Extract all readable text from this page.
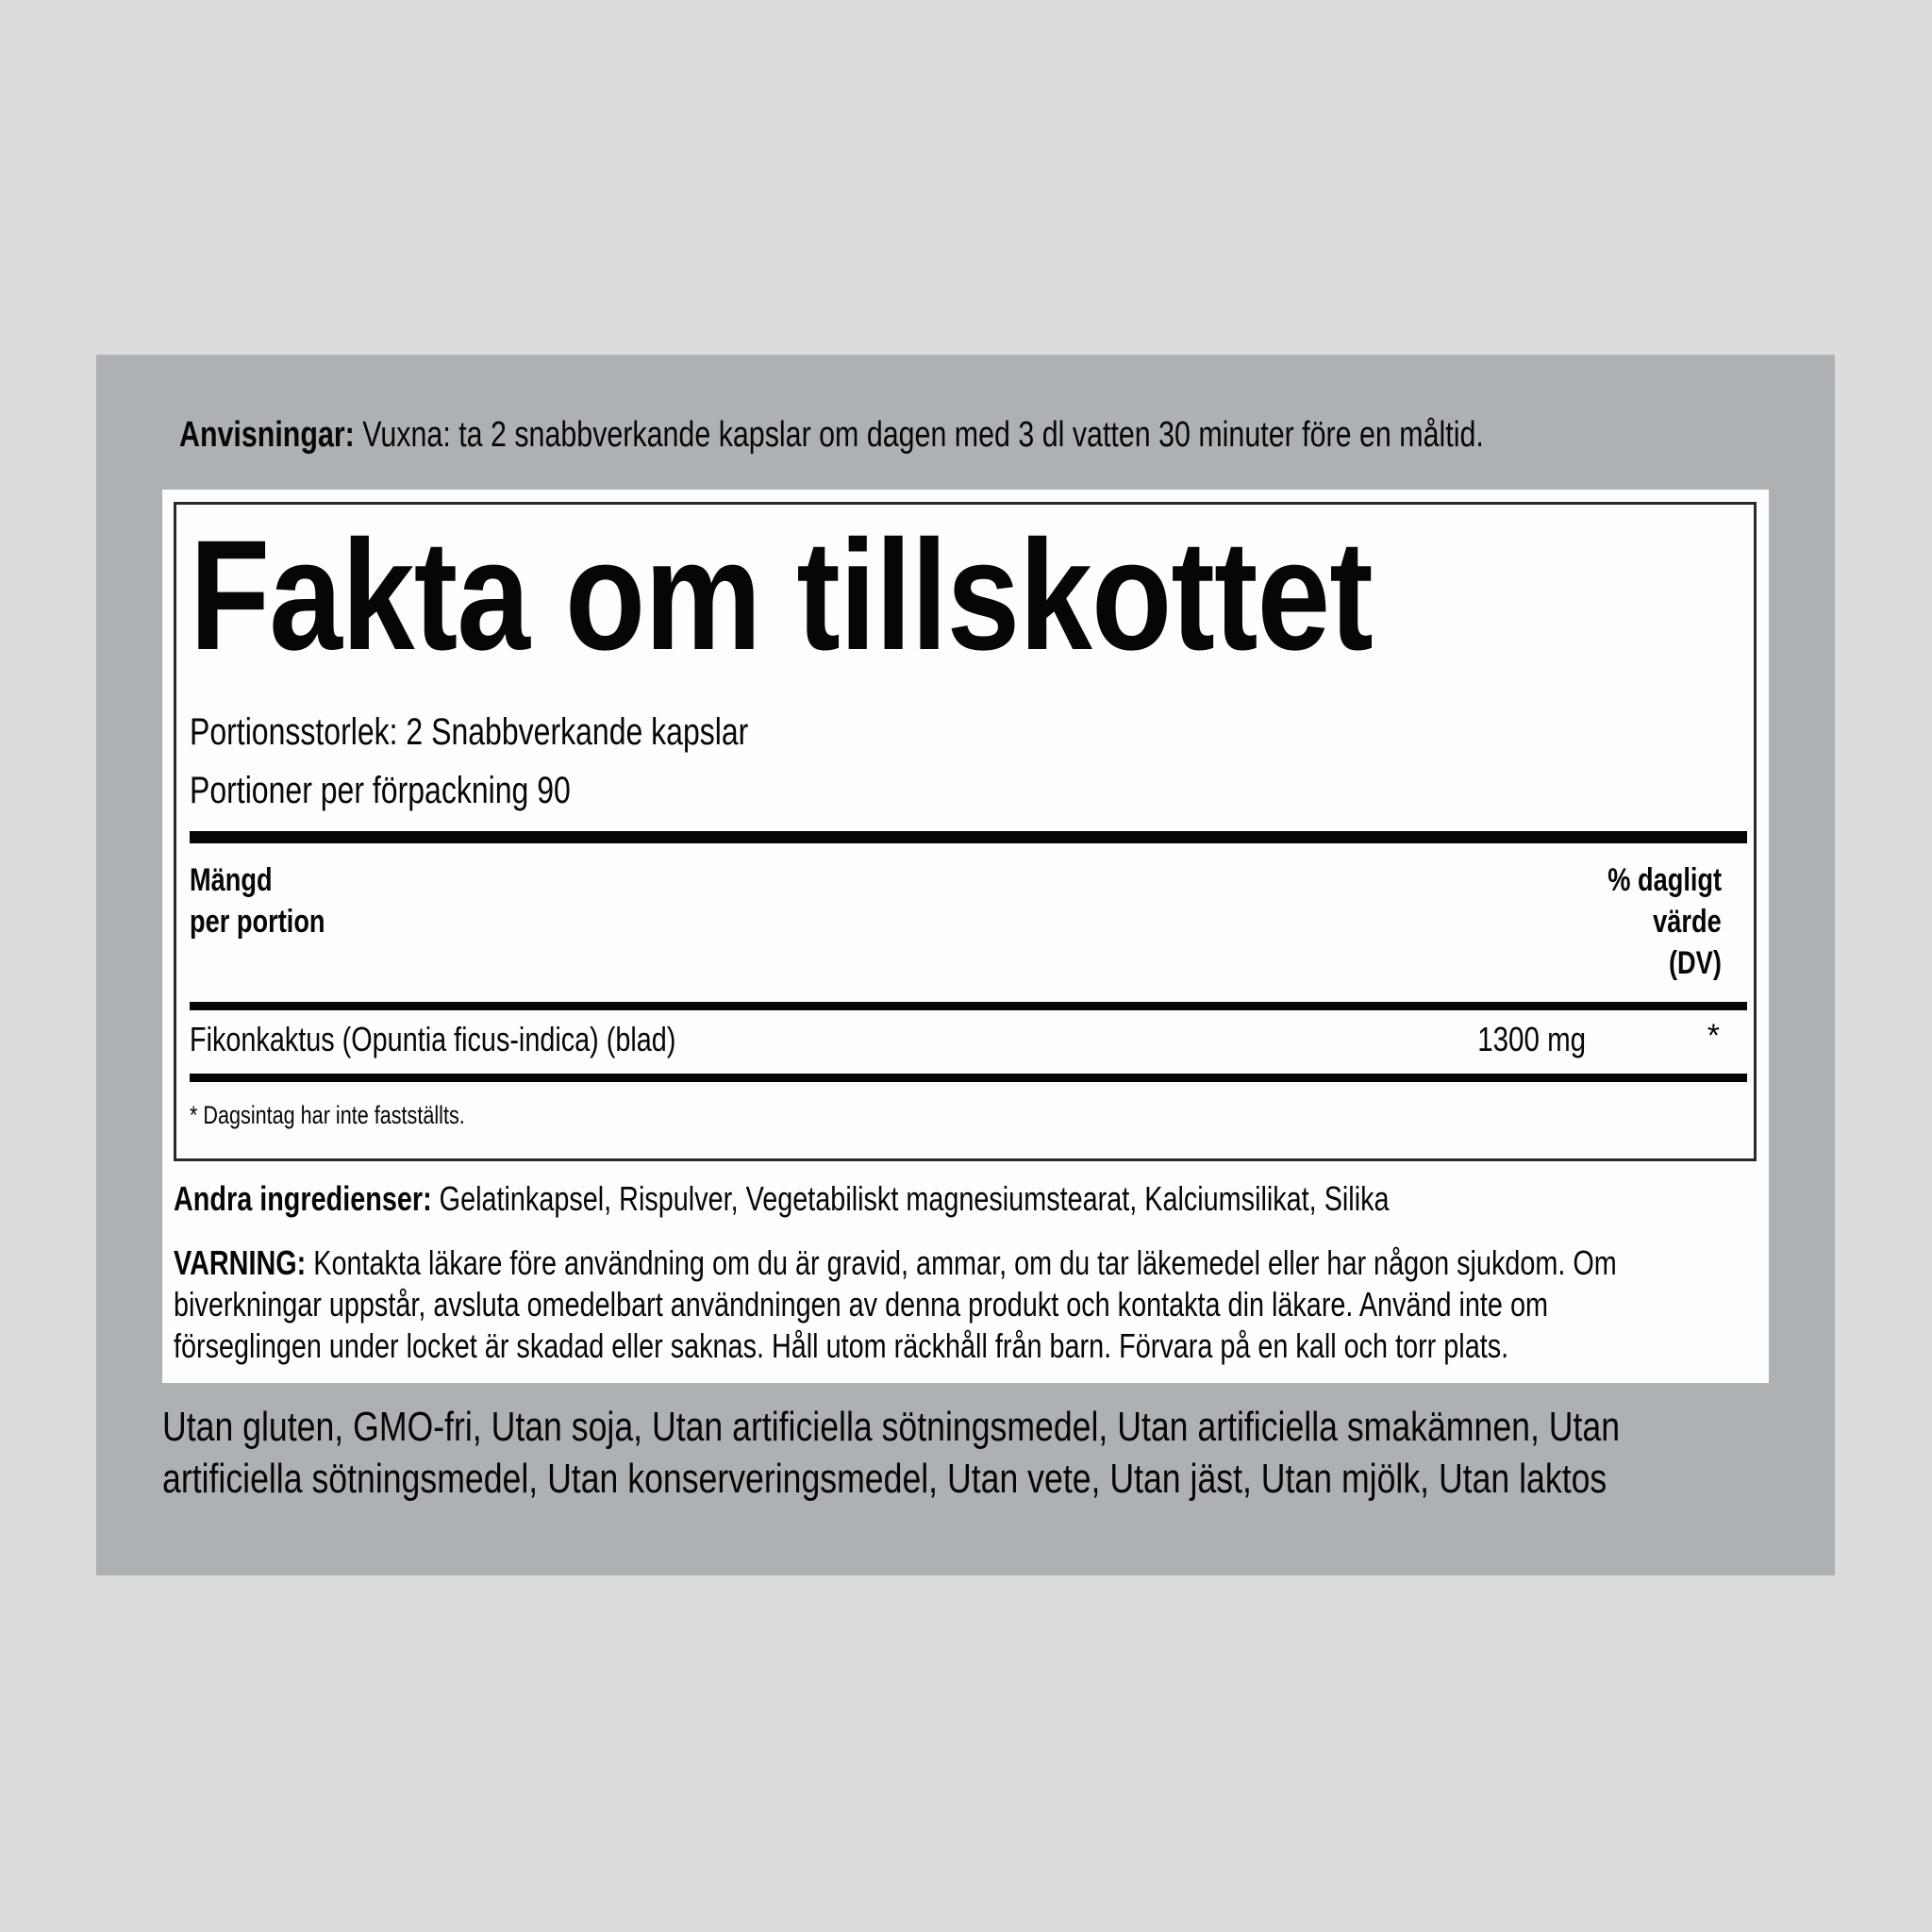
Anvisningar: Vuxna: ta 2 snabbverkande kapslar om dagen med 3 dl vatten 30 minuter före en måltid.
Fakta om tillskottet
Portionsstorlek: 2 Snabbverkande kapslar
Portioner per förpackning 90
Mängd
per portion
% dagligt
värde
(DV)
Fikonkaktus (Opuntia ficus-indica) (blad)	1300 mg	*
* Dagsintag har inte fastställts.
Andra ingredienser: Gelatinkapsel, Rispulver, Vegetabiliskt magnesiumstearat, Kalciumsilikat, Silika
VARNING: Kontakta läkare före användning om du är gravid, ammar, om du tar läkemedel eller har någon sjukdom. Om
biverkningar uppstår, avsluta omedelbart användningen av denna produkt och kontakta din läkare. Använd inte om
förseglingen under locket är skadad eller saknas. Håll utom räckhåll från barn. Förvara på en kall och torr plats.
Utan gluten, GMO-fri, Utan soja, Utan artificiella sötningsmedel, Utan artificiella smakämnen, Utan
artificiella sötningsmedel, Utan konserveringsmedel, Utan vete, Utan jäst, Utan mjölk, Utan laktos
